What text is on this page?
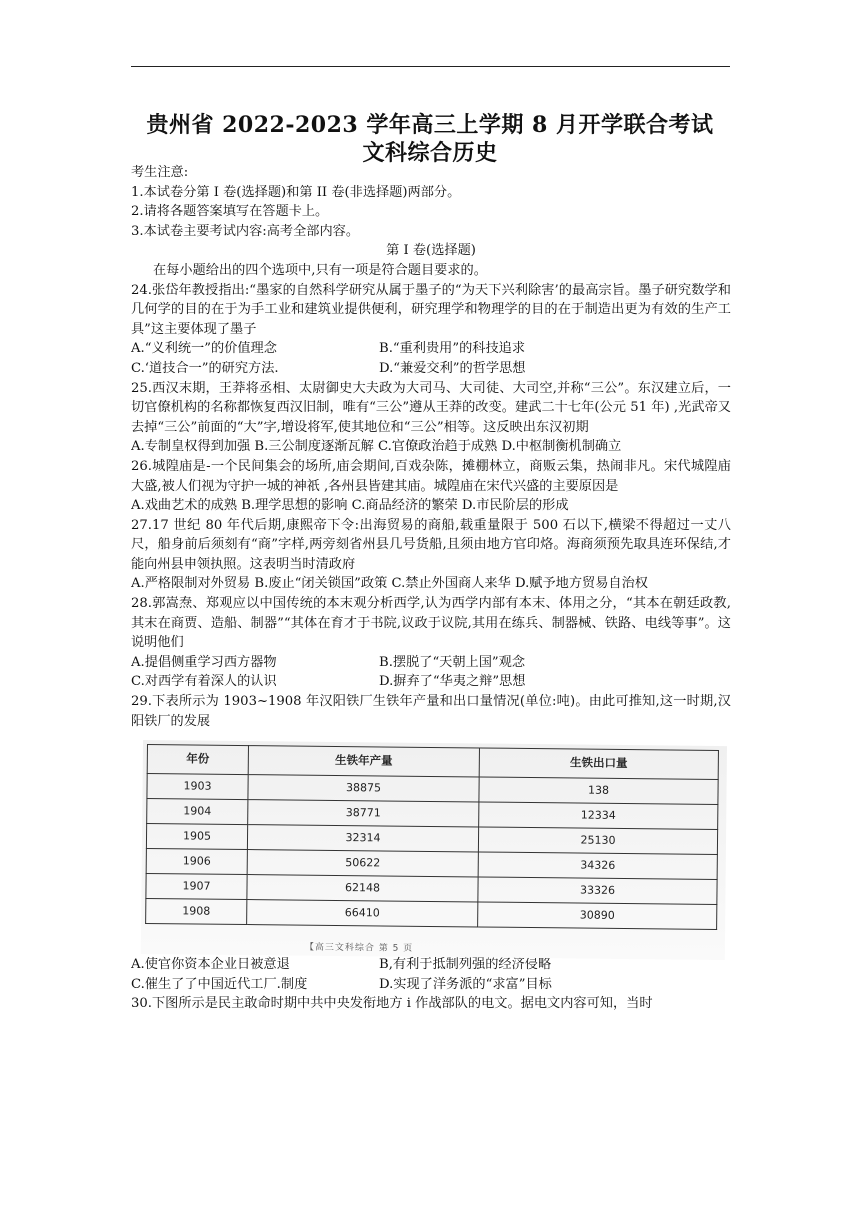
贵州省 2022-2023 学年高三上学期 8 月开学联合考试
文科综合历史
考生注意:
1.本试卷分第 I 卷(选择题)和第 II 卷(非选择题)两部分。
2.请将各题答案填写在答题卡上。
3.本试卷主要考试内容:高考全部内容。
第 I 卷(选择题)
在每小题给出的四个选项中,只有一项是符合题目要求的。
24.张岱年教授指出:“墨家的自然科学研究从属于墨子的“为天下兴利除害’的最高宗旨。墨子研究数学和几何学的目的在于为手工业和建筑业提供便利，研究理学和物理学的目的在于制造出更为有效的生产工具”这主要体现了墨子
A.“义利统一”的价值理念	B.“重利贵用”的科技追求
C.‘道技合一”的研究方法.	D.“兼爱交利”的哲学思想
25.西汉末期，王莽将丞相、太尉御史大夫政为大司马、大司徒、大司空,并称“三公”。东汉建立后，一切官僚机构的名称都恢复西汉旧制，唯有“三公”遵从王莽的改变。建武二十七年(公元 51 年) ,光武帝又去掉“三公”前面的“大”字,增设将军,使其地位和“三公”相等。这反映出东汉初期
A.专制皇权得到加强 B.三公制度逐渐瓦解 C.官僚政治趋于成熟 D.中枢制衡机制确立
26.城隍庙是-一个民间集会的场所,庙会期间,百戏杂陈，摊棚林立，商贩云集，热闹非凡。宋代城隍庙大盛,被人们视为守护一城的神祇 ,各州县皆建其庙。城隍庙在宋代兴盛的主要原因是
A.戏曲艺术的成熟 B.理学思想的影响 C.商品经济的繁荣 D.市民阶层的形成
27.17 世纪 80 年代后期,康熙帝下令:出海贸易的商船,载重量限于 500 石以下,横梁不得超过一丈八尺，船身前后须刻有“商”字样,两旁刻省州县几号货船,且须由地方官印烙。海商须预先取具连环保结,才能向州县申领执照。这表明当时清政府
A.严格限制对外贸易 B.废止“闭关锁国”政策 C.禁止外国商人来华 D.赋予地方贸易自治权
28.郭嵩焘、郑观应以中国传统的本末观分析西学,认为西学内部有本末、体用之分，“其本在朝廷政教,其末在商贾、造船、制器”“其体在育才于书院,议政于议院,其用在练兵、制器械、铁路、电线等事”。这说明他们
A.提倡侧重学习西方器物	B.摆脱了“天朝上国”观念
C.对西学有着深人的认识	D.摒弃了“华夷之辩”思想
29.下表所示为 1903~1908 年汉阳铁厂生铁年产量和出口量情况(单位:吨)。由此可推知,这一时期,汉阳铁厂的发展
年份	生铁年产量	生铁出口量
1903	38875	138
1904	38771	12334
1905	32314	25130
1906	50622	34326
1907	62148	33326
1908	66410	30890
【高三文科综合 第 5 页
A.使官你资本企业日被意退	B,有利于抵制列强的经济侵略
C.催生了了中国近代工厂.制度	D.实现了洋务派的“求富”目标
30.下图所示是民主敢命时期中共中央发衔地方 i 作战部队的电文。据电文内容可知，当时
